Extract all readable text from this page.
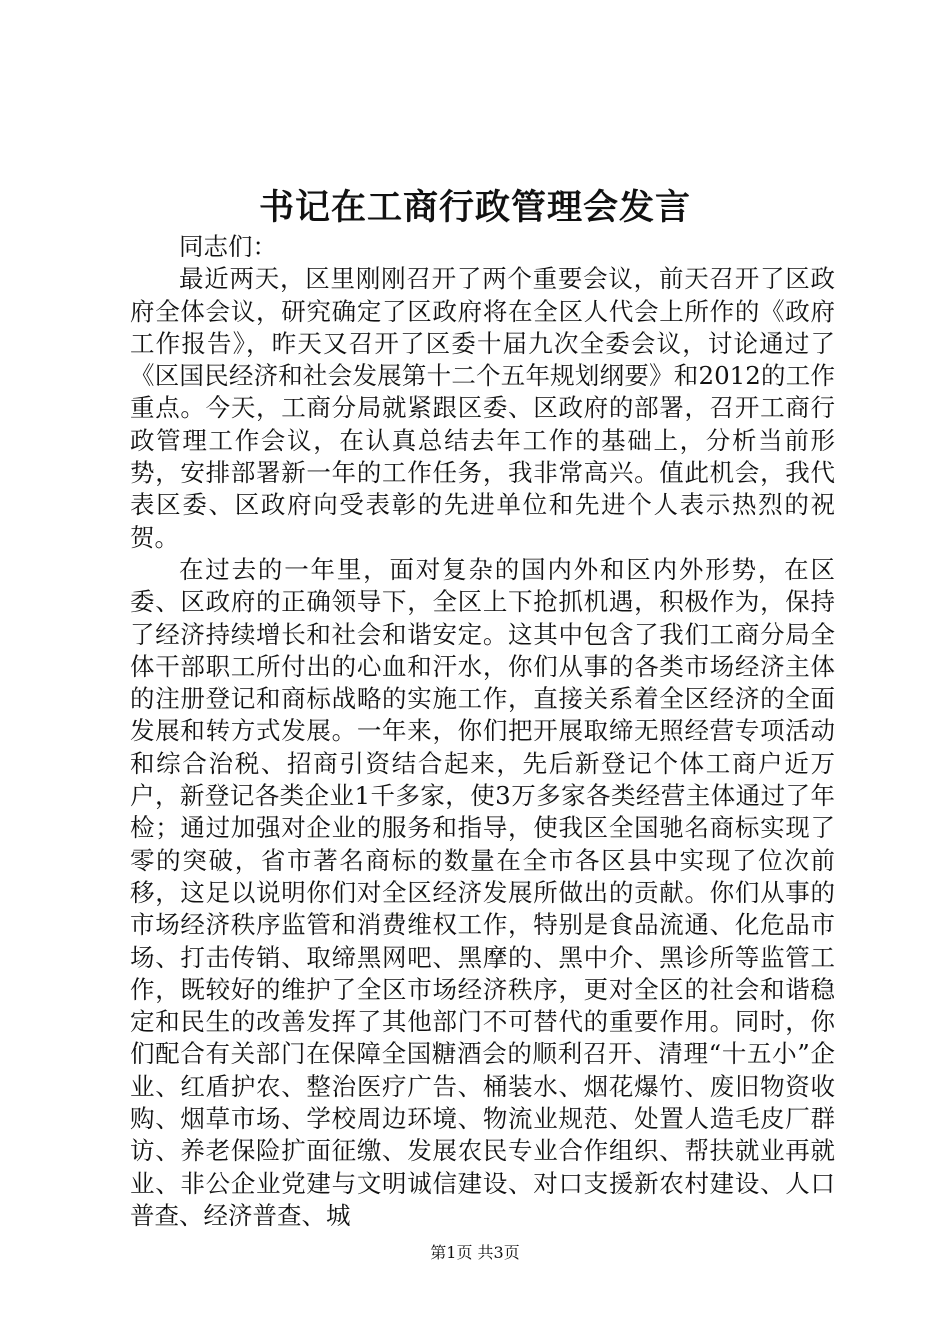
书记在工商行政管理会发言

同志们：

最近两天，区里刚刚召开了两个重要会议，前天召开了区政府全体会议，研究确定了区政府将在全区人代会上所作的《政府工作报告》，昨天又召开了区委十届九次全委会议，讨论通过了《区国民经济和社会发展第十二个五年规划纲要》和2012的工作重点。今天，工商分局就紧跟区委、区政府的部署，召开工商行政管理工作会议，在认真总结去年工作的基础上，分析当前形势，安排部署新一年的工作任务，我非常高兴。值此机会，我代表区委、区政府向受表彰的先进单位和先进个人表示热烈的祝贺。

在过去的一年里，面对复杂的国内外和区内外形势，在区委、区政府的正确领导下，全区上下抢抓机遇，积极作为，保持了经济持续增长和社会和谐安定。这其中包含了我们工商分局全体干部职工所付出的心血和汗水，你们从事的各类市场经济主体的注册登记和商标战略的实施工作，直接关系着全区经济的全面发展和转方式发展。一年来，你们把开展取缔无照经营专项活动和综合治税、招商引资结合起来，先后新登记个体工商户近万户，新登记各类企业1千多家，使3万多家各类经营主体通过了年检；通过加强对企业的服务和指导，使我区全国驰名商标实现了零的突破，省市著名商标的数量在全市各区县中实现了位次前移，这足以说明你们对全区经济发展所做出的贡献。你们从事的市场经济秩序监管和消费维权工作，特别是食品流通、化危品市场、打击传销、取缔黑网吧、黑摩的、黑中介、黑诊所等监管工作，既较好的维护了全区市场经济秩序，更对全区的社会和谐稳定和民生的改善发挥了其他部门不可替代的重要作用。同时，你们配合有关部门在保障全国糖酒会的顺利召开、清理“十五小”企业、红盾护农、整治医疗广告、桶装水、烟花爆竹、废旧物资收购、烟草市场、学校周边环境、物流业规范、处置人造毛皮厂群访、养老保险扩面征缴、发展农民专业合作组织、帮扶就业再就业、非公企业党建与文明诚信建设、对口支援新农村建设、人口普查、经济普查、城

第1页 共3页
